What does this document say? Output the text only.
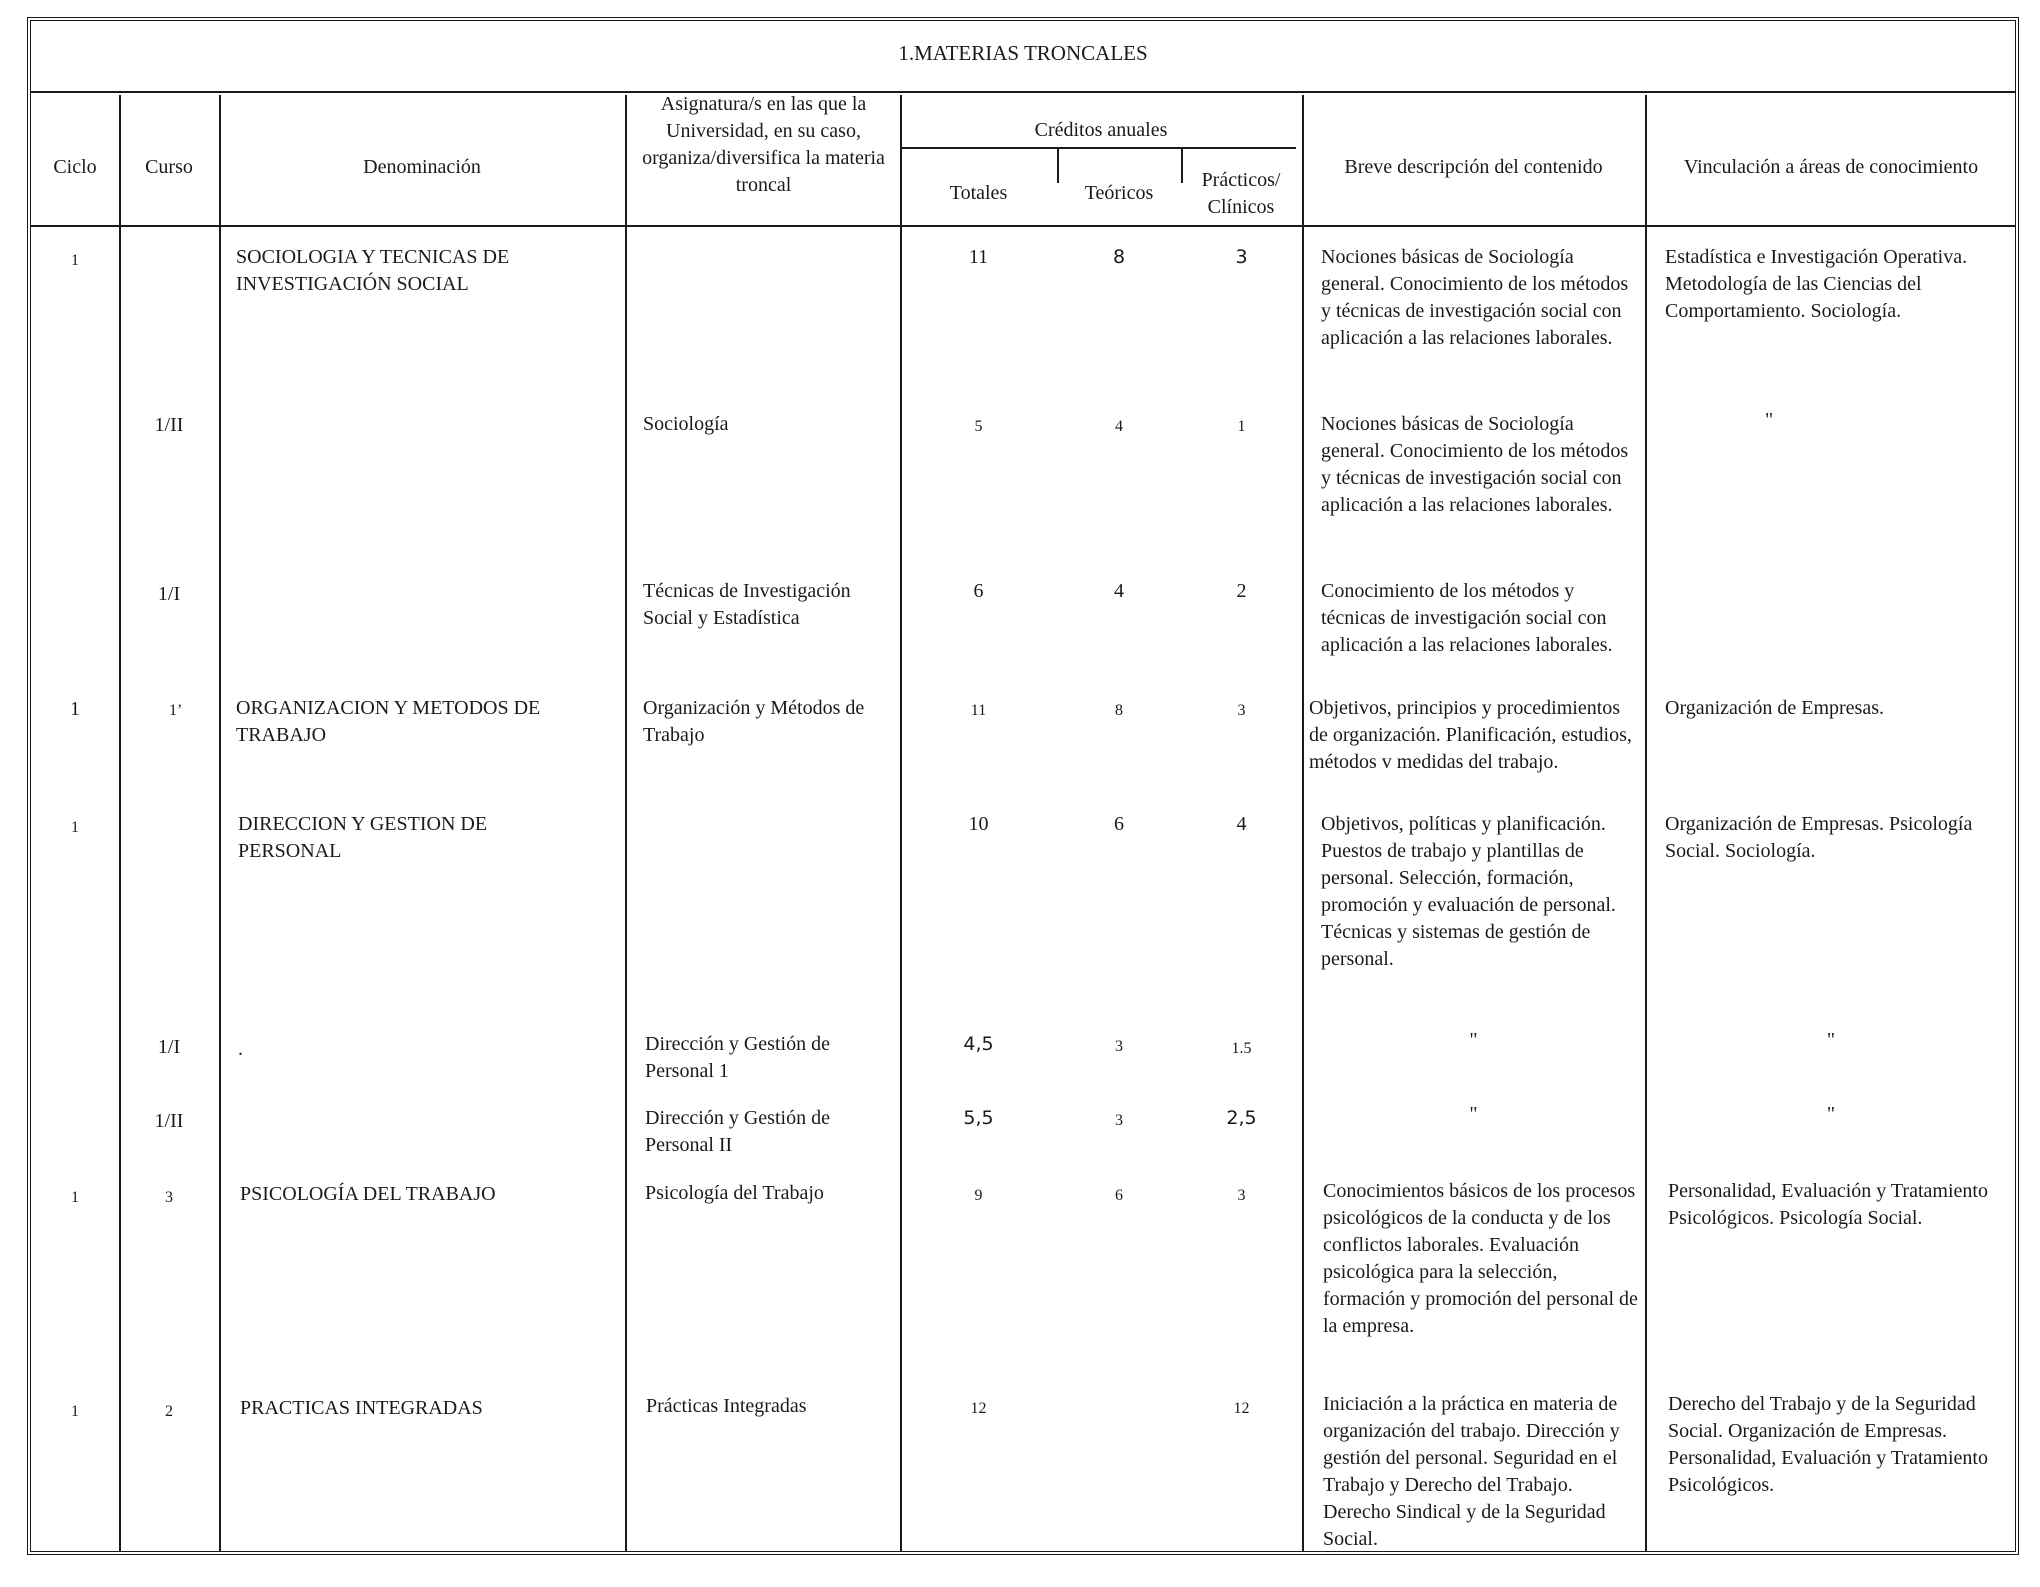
1.MATERIAS TRONCALES
Ciclo	Curso	Denominación
Asignatura/s en las que la Universidad, en su caso, organiza/diversifica la materia troncal
Créditos anuales
Totales	Teóricos
Prácticos/ Clínicos
Breve descripción del contenido	Vinculación a áreas de conocimiento
1	SOCIOLOGIA Y TECNICAS DE INVESTIGACIÓN SOCIAL
11	8	3	Nociones básicas de Sociología general. Conocimiento de los métodos y técnicas de investigación social con aplicación a las relaciones laborales.
Estadística e Investigación Operativa. Metodología de las Ciencias del Comportamiento. Sociología.
1/II	Sociología	5	4	1	Nociones básicas de Sociología general. Conocimiento de los métodos y técnicas de investigación social con aplicación a las relaciones laborales.
"
1/I	Técnicas de Investigación Social y Estadística
6	4	2	Conocimiento de los métodos y técnicas de investigación social con aplicación a las relaciones laborales.
1	1’	ORGANIZACION Y METODOS DE TRABAJO
Organización y Métodos de Trabajo
11	8	3	Objetivos, principios y procedimientos de organización. Planificación, estudios, métodos v medidas del trabajo.
Organización de Empresas.
1	DIRECCION Y GESTION DE PERSONAL
10	6	4	Objetivos, políticas y planificación. Puestos de trabajo y plantillas de personal. Selección, formación, promoción y evaluación de personal. Técnicas y sistemas de gestión de personal.
Organización de Empresas. Psicología Social. Sociología.
1/I	.	Dirección y Gestión de Personal 1
4,5	3	1.5	"	"
1/II	Dirección y Gestión de Personal II
5,5	3	2,5	"	"
1	3	PSICOLOGÍA DEL TRABAJO	Psicología del Trabajo	9	6	3	Conocimientos básicos de los procesos psicológicos de la conducta y de los conflictos laborales. Evaluación psicológica para la selección, formación y promoción del personal de la empresa.
Personalidad, Evaluación y Tratamiento Psicológicos. Psicología Social.
1	2	PRACTICAS INTEGRADAS	Prácticas Integradas	12	12	Iniciación a la práctica en materia de organización del trabajo. Dirección y gestión del personal. Seguridad en el Trabajo y Derecho del Trabajo. Derecho Sindical y de la Seguridad Social.
Derecho del Trabajo y de la Seguridad Social. Organización de Empresas. Personalidad, Evaluación y Tratamiento Psicológicos.
